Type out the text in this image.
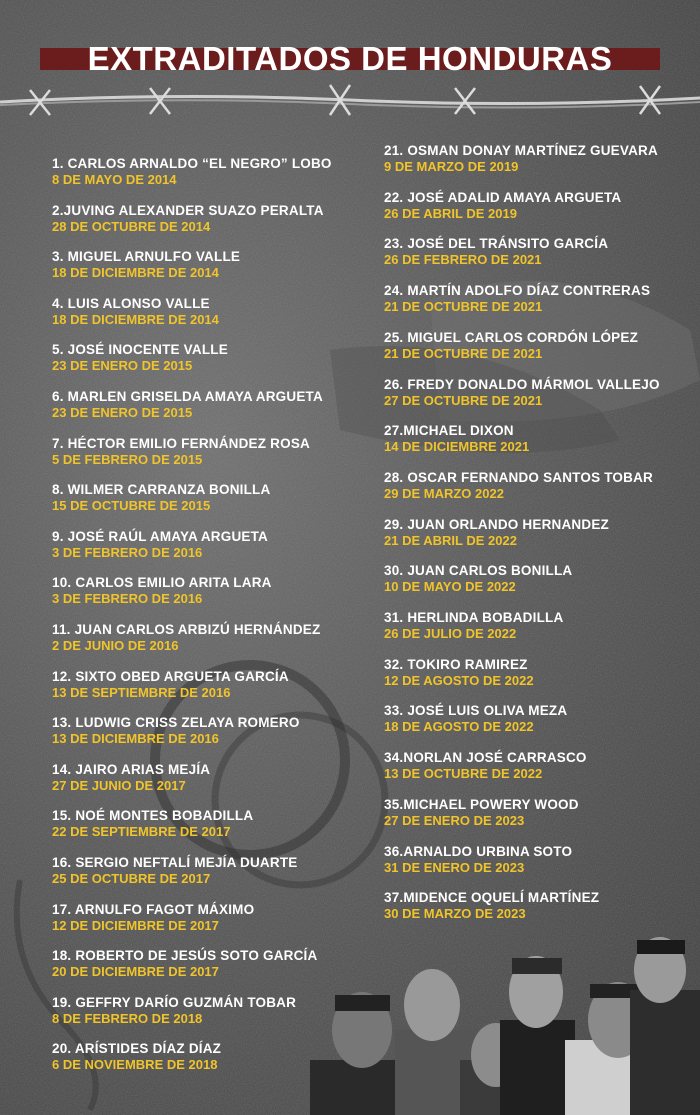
EXTRADITADOS DE HONDURAS
1. CARLOS ARNALDO “EL NEGRO” LOBO
8 DE MAYO DE 2014
2.JUVING ALEXANDER SUAZO PERALTA
28 DE OCTUBRE DE 2014
3. MIGUEL ARNULFO VALLE
18 DE DICIEMBRE DE 2014
4. LUIS ALONSO VALLE
18 DE DICIEMBRE DE 2014
5. JOSÉ INOCENTE VALLE
23 DE ENERO DE 2015
6. MARLEN GRISELDA AMAYA ARGUETA
23 DE ENERO DE 2015
7. HÉCTOR EMILIO FERNÁNDEZ ROSA
5 DE FEBRERO DE 2015
8. WILMER CARRANZA BONILLA
15 DE OCTUBRE DE 2015
9. JOSÉ RAÚL AMAYA ARGUETA
3 DE FEBRERO DE 2016
10. CARLOS EMILIO ARITA LARA
3 DE FEBRERO DE 2016
11. JUAN CARLOS ARBIZÚ HERNÁNDEZ
2 DE JUNIO DE 2016
12. SIXTO OBED ARGUETA GARCÍA
13 DE SEPTIEMBRE DE 2016
13. LUDWIG CRISS ZELAYA ROMERO
13 DE DICIEMBRE DE 2016
14. JAIRO ARIAS MEJÍA
27 DE JUNIO DE 2017
15. NOÉ MONTES BOBADILLA
22 DE SEPTIEMBRE DE 2017
16. SERGIO NEFTALÍ MEJÍA DUARTE
25 DE OCTUBRE DE 2017
17. ARNULFO FAGOT MÁXIMO
12 DE DICIEMBRE DE 2017
18. ROBERTO DE JESÚS SOTO GARCÍA
20 DE DICIEMBRE DE 2017
19. GEFFRY DARÍO GUZMÁN TOBAR
8 DE FEBRERO DE 2018
20. ARÍSTIDES DÍAZ DÍAZ
6 DE NOVIEMBRE DE 2018
21. OSMAN DONAY MARTÍNEZ GUEVARA
9 DE MARZO DE 2019
22. JOSÉ ADALID AMAYA ARGUETA
26 DE ABRIL DE 2019
23. JOSÉ DEL TRÁNSITO GARCÍA
26 DE FEBRERO DE 2021
24. MARTÍN ADOLFO DÍAZ CONTRERAS
21 DE OCTUBRE DE 2021
25. MIGUEL CARLOS CORDÓN LÓPEZ
21 DE OCTUBRE DE 2021
26. FREDY DONALDO MÁRMOL VALLEJO
27 DE OCTUBRE DE 2021
27.MICHAEL DIXON
14 DE DICIEMBRE 2021
28. OSCAR FERNANDO SANTOS TOBAR
29 DE MARZO 2022
29. JUAN ORLANDO HERNANDEZ
21 DE ABRIL DE 2022
30. JUAN CARLOS BONILLA
10 DE MAYO DE 2022
31. HERLINDA BOBADILLA
26 DE JULIO DE 2022
32. TOKIRO RAMIREZ
12 DE AGOSTO DE 2022
33. JOSÉ LUIS OLIVA MEZA
18 DE AGOSTO DE 2022
34.NORLAN JOSÉ CARRASCO
13 DE OCTUBRE DE 2022
35.MICHAEL POWERY WOOD
27 DE ENERO DE 2023
36.ARNALDO URBINA SOTO
31 DE ENERO DE 2023
37.MIDENCE OQUELÍ MARTÍNEZ
30 DE MARZO DE 2023
